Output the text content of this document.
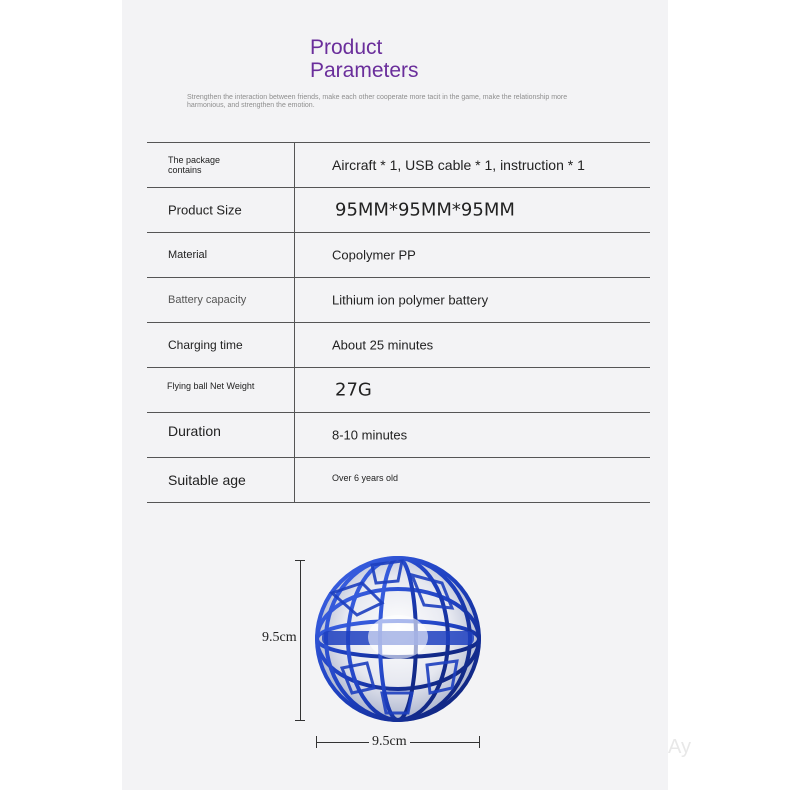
Product
Parameters
Strengthen the interaction between friends, make each other cooperate more tacit in the game, make the relationship more harmonious, and strengthen the emotion.
The package contains	Aircraft * 1, USB cable * 1, instruction * 1
Product Size	95MM*95MM*95MM
Material	Copolymer PP
Battery capacity	Lithium ion polymer battery
Charging time	About 25 minutes
Flying ball Net Weight	27G
Duration	8-10 minutes
Suitable age	Over 6 years old
9.5cm
9.5cm	Ay
